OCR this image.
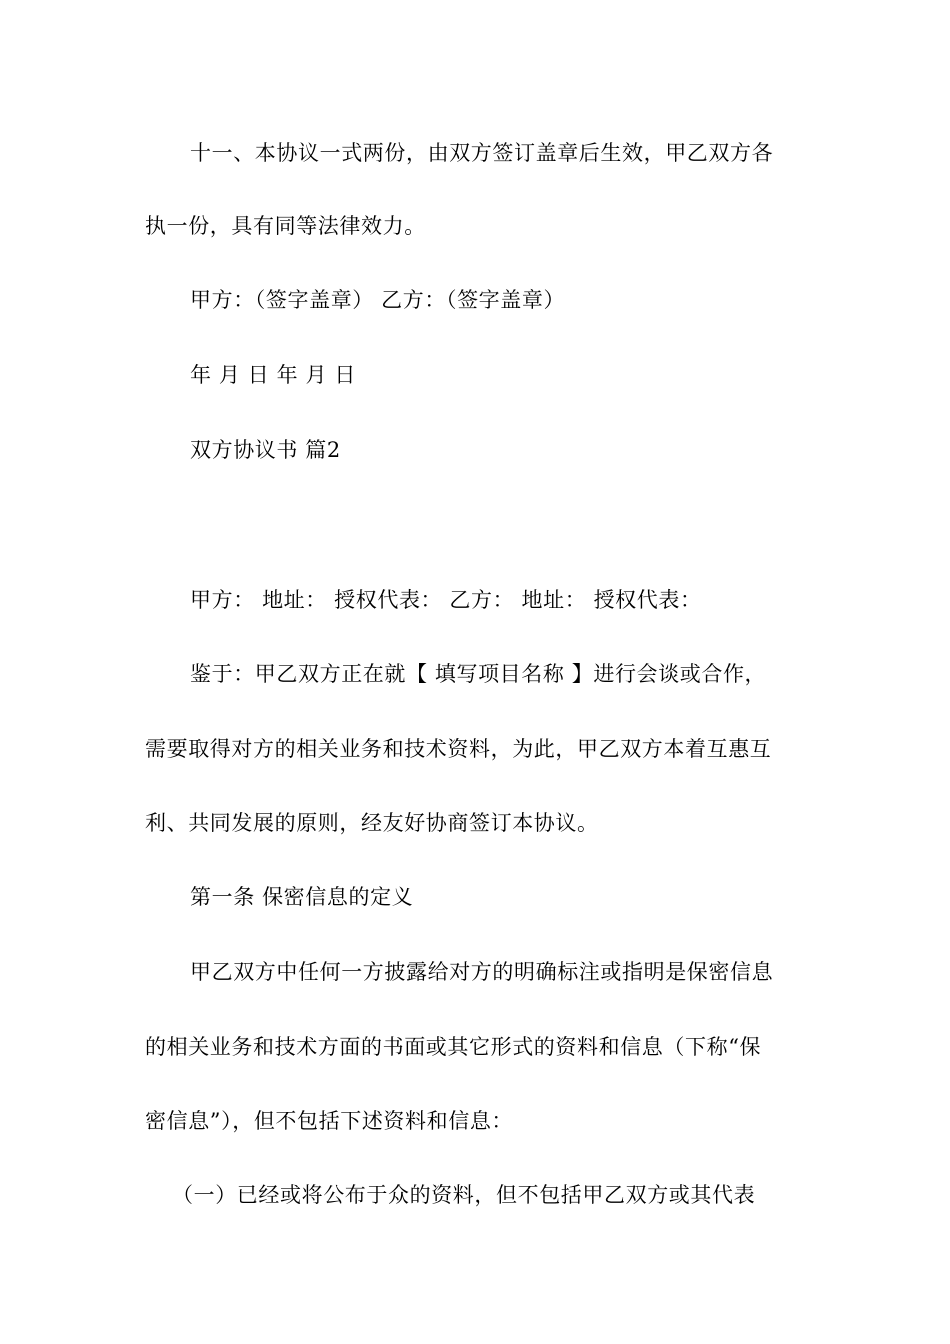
十一、本协议一式两份，由双方签订盖章后生效，甲乙双方各
执一份，具有同等法律效力。
甲方：（签字盖章） 乙方：（签字盖章）
年 月 日 年 月 日
双方协议书 篇2
甲方： 地址： 授权代表： 乙方： 地址： 授权代表：
鉴于：甲乙双方正在就【 填写项目名称 】进行会谈或合作，
需要取得对方的相关业务和技术资料，为此，甲乙双方本着互惠互
利、共同发展的原则，经友好协商签订本协议。
第一条 保密信息的定义
甲乙双方中任何一方披露给对方的明确标注或指明是保密信息
的相关业务和技术方面的书面或其它形式的资料和信息（下称“保
密信息”），但不包括下述资料和信息：
（一）已经或将公布于众的资料，但不包括甲乙双方或其代表
